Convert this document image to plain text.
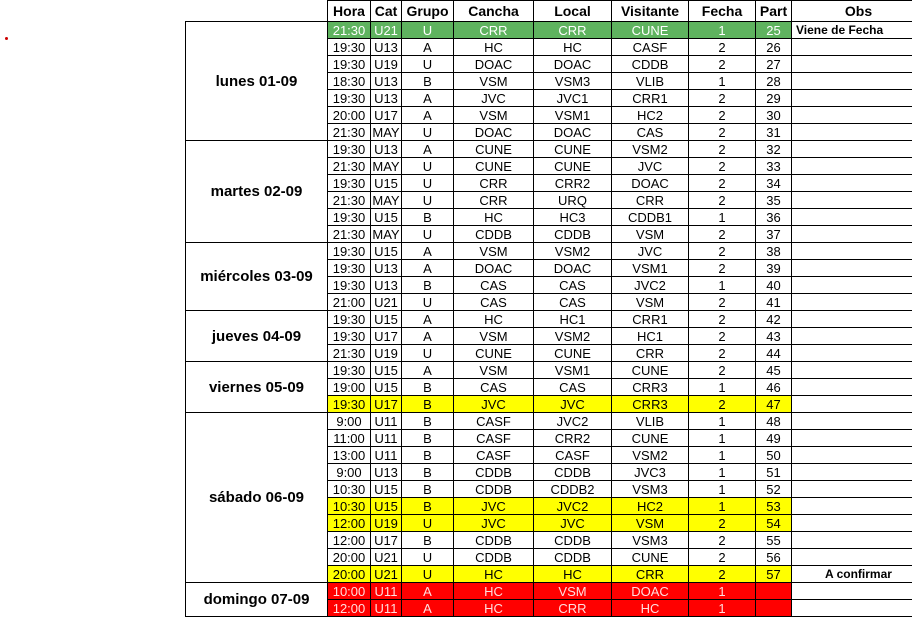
	Hora	Cat	Grupo	Cancha	Local	Visitante	Fecha	Part	Obs
lunes 01-09	21:30	U21	U	CRR	CRR	CUNE	1	25	Viene de Fecha
	19:30	U13	A	HC	HC	CASF	2	26	
	19:30	U19	U	DOAC	DOAC	CDDB	2	27	
	18:30	U13	B	VSM	VSM3	VLIB	1	28	
	19:30	U13	A	JVC	JVC1	CRR1	2	29	
	20:00	U17	A	VSM	VSM1	HC2	2	30	
	21:30	MAY	U	DOAC	DOAC	CAS	2	31	
martes 02-09	19:30	U13	A	CUNE	CUNE	VSM2	2	32	
	21:30	MAY	U	CUNE	CUNE	JVC	2	33	
	19:30	U15	U	CRR	CRR2	DOAC	2	34	
	21:30	MAY	U	CRR	URQ	CRR	2	35	
	19:30	U15	B	HC	HC3	CDDB1	1	36	
	21:30	MAY	U	CDDB	CDDB	VSM	2	37	
miércoles 03-09	19:30	U15	A	VSM	VSM2	JVC	2	38	
	19:30	U13	A	DOAC	DOAC	VSM1	2	39	
	19:30	U13	B	CAS	CAS	JVC2	1	40	
	21:00	U21	U	CAS	CAS	VSM	2	41	
jueves 04-09	19:30	U15	A	HC	HC1	CRR1	2	42	
	19:30	U17	A	VSM	VSM2	HC1	2	43	
	21:30	U19	U	CUNE	CUNE	CRR	2	44	
viernes 05-09	19:30	U15	A	VSM	VSM1	CUNE	2	45	
	19:00	U15	B	CAS	CAS	CRR3	1	46	
	19:30	U17	B	JVC	JVC	CRR3	2	47	
sábado 06-09	9:00	U11	B	CASF	JVC2	VLIB	1	48	
	11:00	U11	B	CASF	CRR2	CUNE	1	49	
	13:00	U11	B	CASF	CASF	VSM2	1	50	
	9:00	U13	B	CDDB	CDDB	JVC3	1	51	
	10:30	U15	B	CDDB	CDDB2	VSM3	1	52	
	10:30	U15	B	JVC	JVC2	HC2	1	53	
	12:00	U19	U	JVC	JVC	VSM	2	54	
	12:00	U17	B	CDDB	CDDB	VSM3	2	55	
	20:00	U21	U	CDDB	CDDB	CUNE	2	56	
	20:00	U21	U	HC	HC	CRR	2	57	A confirmar
domingo 07-09	10:00	U11	A	HC	VSM	DOAC	1		
	12:00	U11	A	HC	CRR	HC	1		
